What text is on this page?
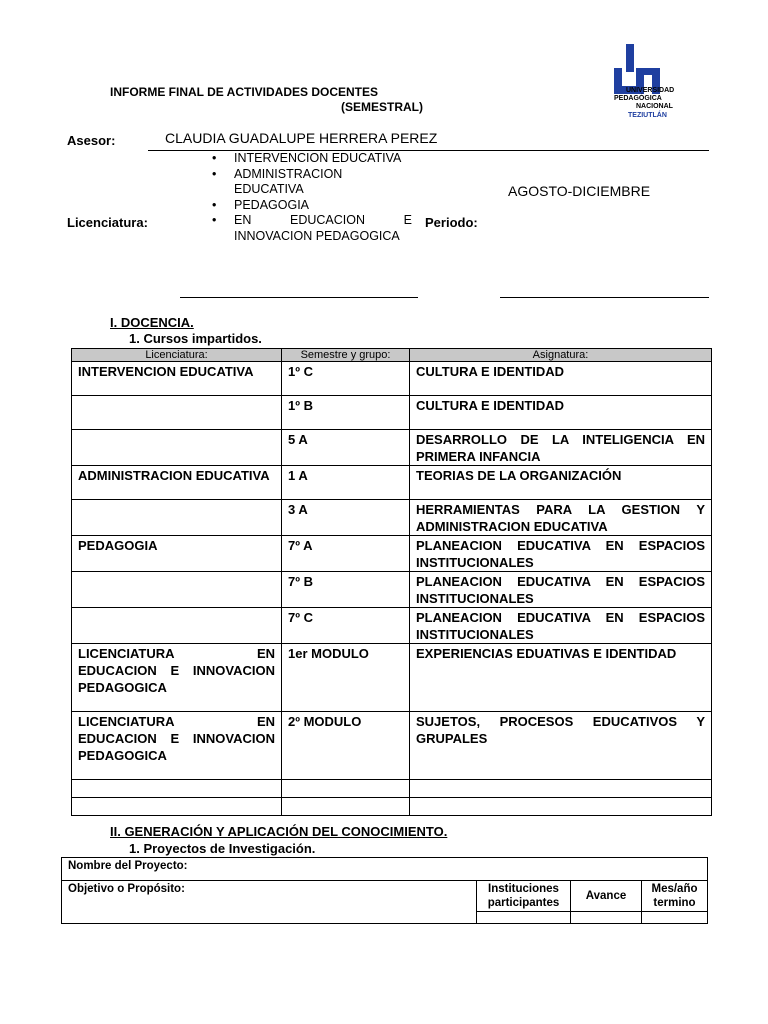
INFORME FINAL DE ACTIVIDADES DOCENTES
(SEMESTRAL)
UNIVERSIDAD
PEDAGÓGICA
NACIONAL
TEZIUTLÁN
Asesor:	CLAUDIA GUADALUPE HERRERA PEREZ
• INTERVENCION EDUCATIVA
• ADMINISTRACION EDUCATIVA
• PEDAGOGIA
• EN EDUCACION E INNOVACION PEDAGOGICA
Licenciatura:
AGOSTO-DICIEMBRE
Periodo:
I. DOCENCIA.
1. Cursos impartidos.
Licenciatura:	Semestre y grupo:	Asignatura:
INTERVENCION EDUCATIVA	1º C	CULTURA E IDENTIDAD
	1º B	CULTURA E IDENTIDAD
	5 A	DESARROLLO DE LA INTELIGENCIA EN PRIMERA INFANCIA
ADMINISTRACION EDUCATIVA	1 A	TEORIAS DE LA ORGANIZACIÓN
	3 A	HERRAMIENTAS PARA LA GESTION Y ADMINISTRACION EDUCATIVA
PEDAGOGIA	7º A	PLANEACION EDUCATIVA EN ESPACIOS INSTITUCIONALES
	7º B	PLANEACION EDUCATIVA EN ESPACIOS INSTITUCIONALES
	7º C	PLANEACION EDUCATIVA EN ESPACIOS INSTITUCIONALES
LICENCIATURA EN EDUCACION E INNOVACION PEDAGOGICA	1er MODULO	EXPERIENCIAS EDUATIVAS E IDENTIDAD
LICENCIATURA EN EDUCACION E INNOVACION PEDAGOGICA	2º MODULO	SUJETOS, PROCESOS EDUCATIVOS Y GRUPALES

II. GENERACIÓN Y APLICACIÓN DEL CONOCIMIENTO.
1. Proyectos de Investigación.
Nombre del Proyecto:			
Objetivo o Propósito:	Instituciones participantes	Avance	Mes/año termino
